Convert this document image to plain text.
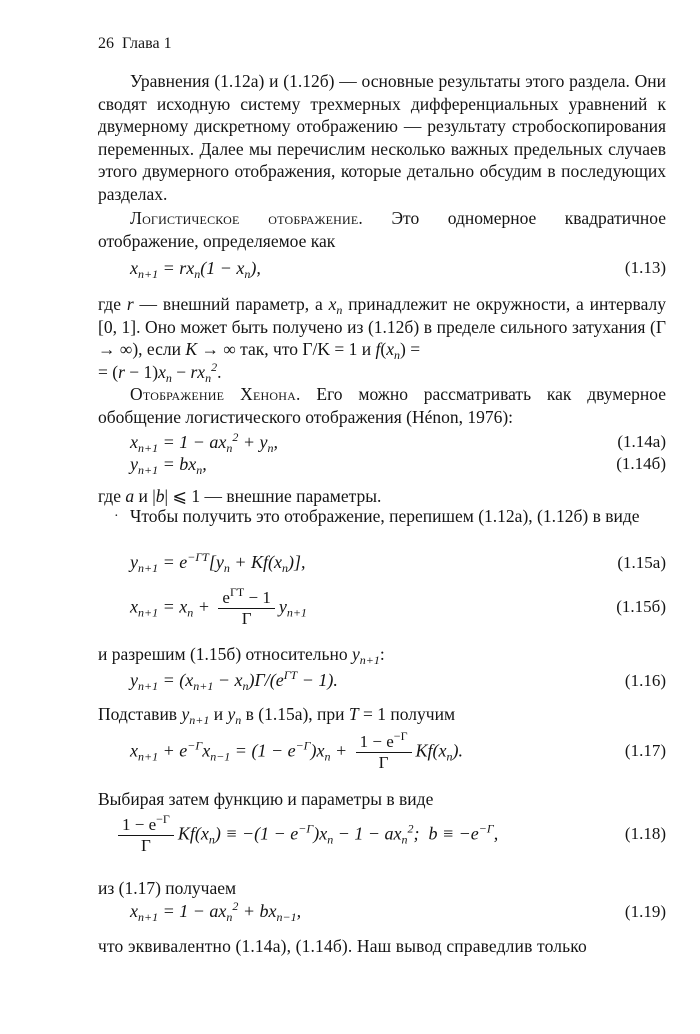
26 Глава 1
Уравнения (1.12а) и (1.12б) — основные результаты этого раздела. Они сводят исходную систему трехмерных дифференциальных уравнений к двумерному дискретному отображению — результату стробоскопирования переменных. Далее мы перечислим несколько важных предельных случаев этого двумерного отображения, которые детально обсудим в последующих разделах.
Логистическое отображение. Это одномерное квадратичное отображение, определяемое как
$x_{n+1} = rx_n(1 - x_n)$,	(1.13)
где r — внешний параметр, а $x_n$ принадлежит не окружности, а интервалу [0, 1]. Оно может быть получено из (1.12б) в пределе сильного затухания (Г → ∞), если K → ∞ так, что Г/K = 1 и $f(x_n)$ =
= $(r - 1)x_n - rx_n^2$.
Отображение Хенона. Его можно рассматривать как двумерное обобщение логистического отображения (Hénon, 1976):
$x_{n+1} = 1 - ax_n^2 + y_n$,	(1.14a)
$y_{n+1} = bx_n$,	(1.14б)
где a и |b| ⩽ 1 — внешние параметры.
· Чтобы получить это отображение, перепишем (1.12а), (1.12б) в виде
$y_{n+1} = e^{-\Gamma T}[y_n + Kf(x_n)]$,	(1.15a)
$x_{n+1} = x_n + \frac{e^{\Gamma T} - 1}{\Gamma} y_{n+1}$	(1.15б)
и разрешим (1.15б) относительно $y_{n+1}$:
$y_{n+1} = (x_{n+1} - x_n)\Gamma/(e^{\Gamma T} - 1)$.	(1.16)
Подставив $y_{n+1}$ и $y_n$ в (1.15а), при T = 1 получим
$x_{n+1} + e^{-\Gamma}x_{n-1} = (1 - e^{-\Gamma})x_n + \frac{1 - e^{-\Gamma}}{\Gamma} Kf(x_n)$.	(1.17)
Выбирая затем функцию и параметры в виде
$\frac{1 - e^{-\Gamma}}{\Gamma} Kf(x_n) \equiv -(1 - e^{-\Gamma})x_n - 1 - ax_n^2$;  $b \equiv -e^{-\Gamma}$,	(1.18)
из (1.17) получаем
$x_{n+1} = 1 - ax_n^2 + bx_{n-1}$,	(1.19)
что эквивалентно (1.14а), (1.14б). Наш вывод справедлив только
